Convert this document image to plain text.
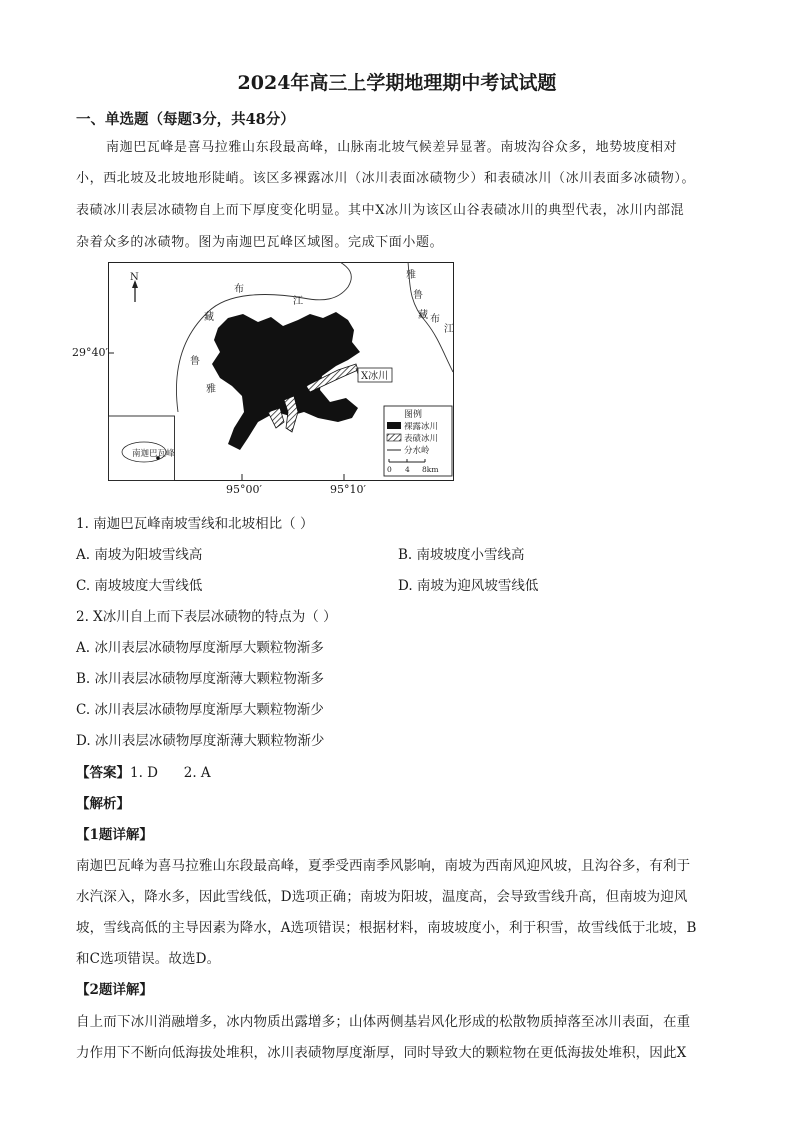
2024年高三上学期地理期中考试试题
一、单选题（每题3分，共48分）
南迦巴瓦峰是喜马拉雅山东段最高峰，山脉南北坡气候差异显著。南坡沟谷众多，地势坡度相对
小，西北坡及北坡地形陡峭。该区多裸露冰川（冰川表面冰碛物少）和表碛冰川（冰川表面多冰碛物）。
表碛冰川表层冰碛物自上而下厚度变化明显。其中X冰川为该区山谷表碛冰川的典型代表，冰川内部混
杂着众多的冰碛物。图为南迦巴瓦峰区域图。完成下面小题。
N
X冰川
藏
布
江
鲁
雅
雅
鲁
藏 布
江
南迦巴瓦峰
图例
裸露冰川
表碛冰川
分水岭
0 4 8km
29°40′
95°00′	95°10′
1. 南迦巴瓦峰南坡雪线和北坡相比（ ）
A. 南坡为阳坡雪线高	B. 南坡坡度小雪线高
C. 南坡坡度大雪线低	D. 南坡为迎风坡雪线低
2. X冰川自上而下表层冰碛物的特点为（ ）
A. 冰川表层冰碛物厚度渐厚大颗粒物渐多
B. 冰川表层冰碛物厚度渐薄大颗粒物渐多
C. 冰川表层冰碛物厚度渐厚大颗粒物渐少
D. 冰川表层冰碛物厚度渐薄大颗粒物渐少
【答案】1. D      2. A
【解析】
【1题详解】
南迦巴瓦峰为喜马拉雅山东段最高峰，夏季受西南季风影响，南坡为西南风迎风坡，且沟谷多，有利于
水汽深入，降水多，因此雪线低，D选项正确；南坡为阳坡，温度高，会导致雪线升高，但南坡为迎风
坡，雪线高低的主导因素为降水，A选项错误；根据材料，南坡坡度小，利于积雪，故雪线低于北坡，B
和C选项错误。故选D。
【2题详解】
自上而下冰川消融增多，冰内物质出露增多；山体两侧基岩风化形成的松散物质掉落至冰川表面，在重
力作用下不断向低海拔处堆积，冰川表碛物厚度渐厚，同时导致大的颗粒物在更低海拔处堆积，因此X
